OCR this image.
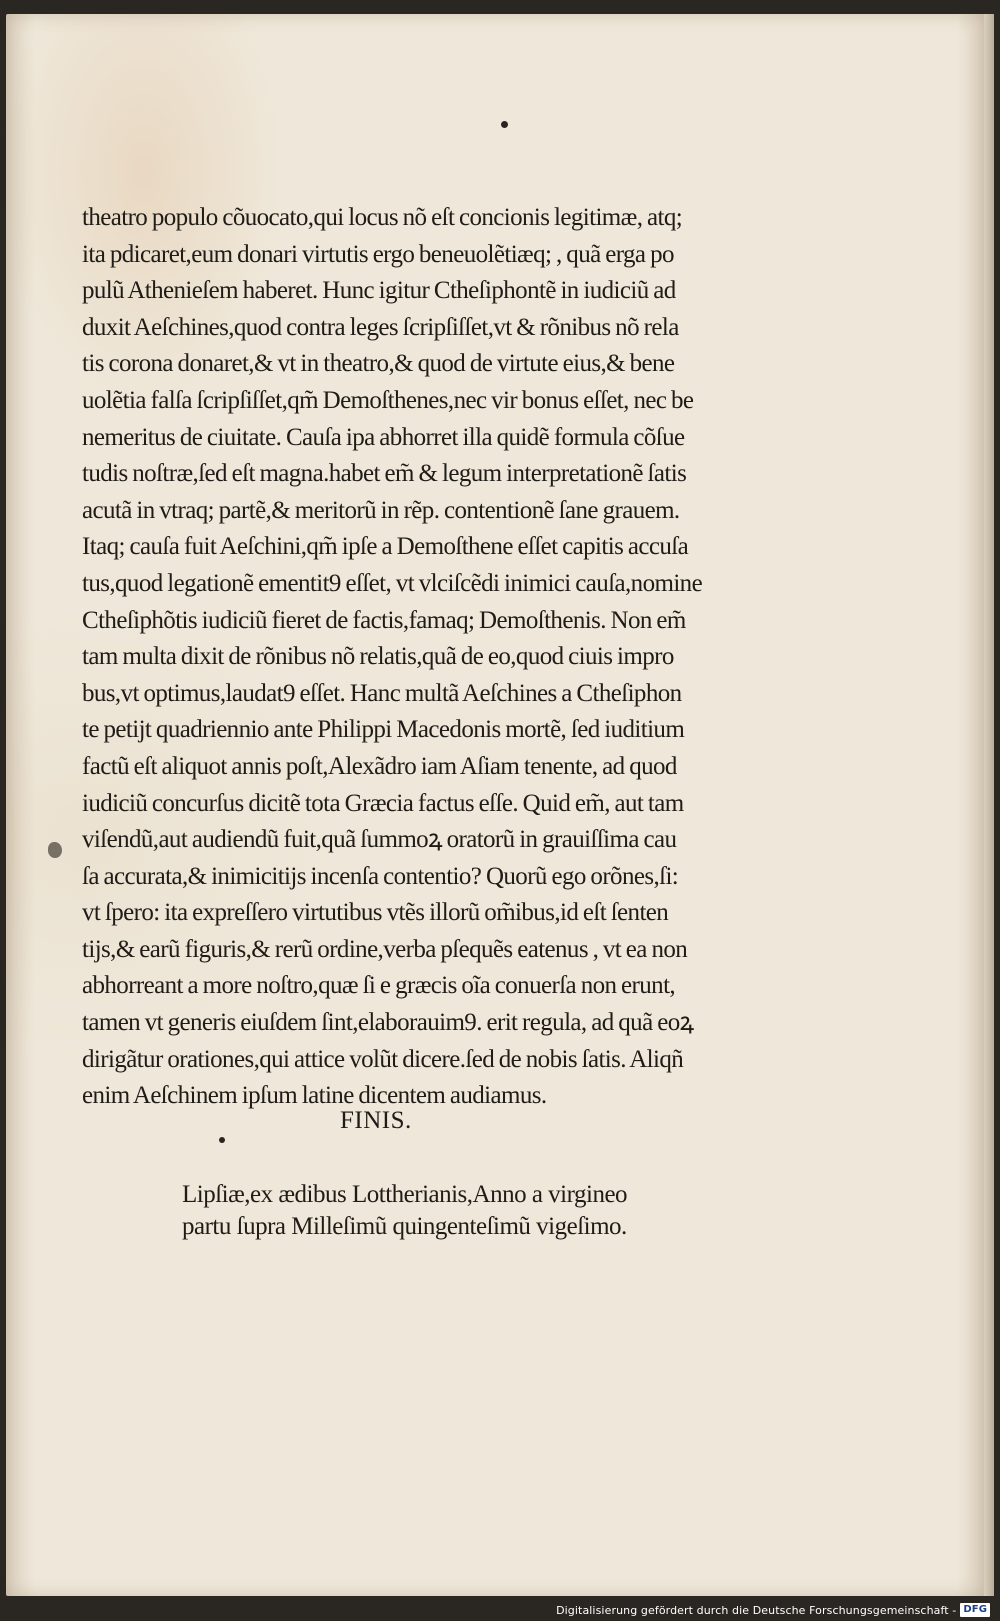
theatro populo cõuocato,qui locus nõ eſt concionis legitimæ, atq;
ita pdicaret,eum donari virtutis ergo beneuolẽtiæq; , quã erga po
pulũ Athenieſem haberet. Hunc igitur Ctheſiphontẽ in iudiciũ ad
duxit Aeſchines,quod contra leges ſcripſiſſet,vt & rõnibus nõ rela
tis corona donaret,& vt in theatro,& quod de virtute eius,& bene
uolẽtia falſa ſcripſiſſet,qm̃ Demoſthenes,nec vir bonus eſſet, nec be
nemeritus de ciuitate. Cauſa ipa abhorret illa quidẽ formula cõſue
tudis noſtræ,ſed eſt magna.habet em̃ & legum interpretationẽ ſatis
acutã in vtraq; partẽ,& meritorũ in rẽp. contentionẽ ſane grauem.
Itaq; cauſa fuit Aeſchini,qm̃ ipſe a Demoſthene eſſet capitis accuſa
tus,quod legationẽ ementit9 eſſet, vt vlciſcẽdi inimici cauſa,nomine
Ctheſiphõtis iudiciũ fieret de factis,famaq; Demoſthenis. Non em̃
tam multa dixit de rõnibus nõ relatis,quã de eo,quod ciuis impro
bus,vt optimus,laudat9 eſſet. Hanc multã Aeſchines a Ctheſiphon
te petijt quadriennio ante Philippi Macedonis mortẽ, ſed iuditium
factũ eſt aliquot annis poſt,Alexãdro iam Aſiam tenente, ad quod
iudiciũ concurſus dicitẽ tota Græcia factus eſſe. Quid em̃, aut tam
viſendũ,aut audiendũ fuit,quã ſummoꝝ oratorũ in grauiſſima cau
ſa accurata,& inimicitijs incenſa contentio? Quorũ ego orõnes,ſi:
vt ſpero: ita expreſſero virtutibus vtẽs illorũ om̃ibus,id eſt ſenten
tijs,& earũ figuris,& rerũ ordine,verba pſequẽs eatenus , vt ea non
abhorreant a more noſtro,quæ ſi e græcis oĩa conuerſa non erunt,
tamen vt generis eiuſdem ſint,elaborauim9. erit regula, ad quã eoꝝ
dirigãtur orationes,qui attice volũt dicere.ſed de nobis ſatis. Aliqñ
enim Aeſchinem ipſum latine dicentem audiamus.
FINIS.
Lipſiæ,ex ædibus Lottherianis,Anno a virgineo
partu ſupra Milleſimũ quingenteſimũ vigeſimo.
Digitalisierung gefördert durch die Deutsche Forschungsgemeinschaft - DFG
